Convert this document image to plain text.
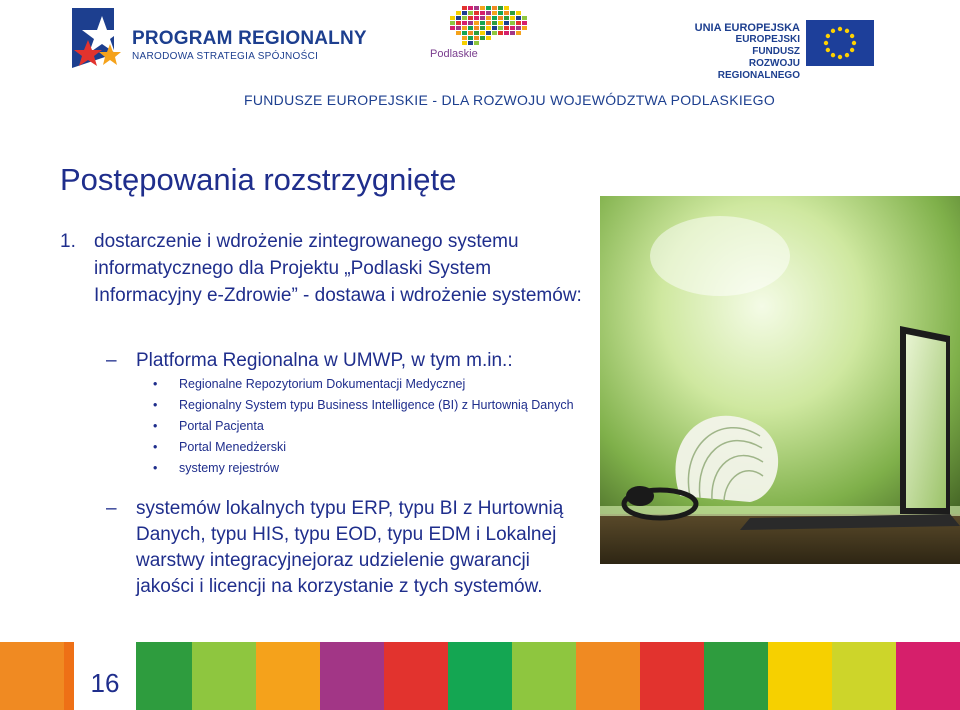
PROGRAM REGIONALNY
NARODOWA STRATEGIA SPÓJNOŚCI	Podlaskie
UNIA EUROPEJSKA
EUROPEJSKI FUNDUSZ
ROZWOJU REGIONALNEGO
FUNDUSZE EUROPEJSKIE - DLA ROZWOJU WOJEWÓDZTWA PODLASKIEGO
Postępowania rozstrzygnięte
1. dostarczenie i wdrożenie zintegrowanego systemu informatycznego dla Projektu „Podlaski System Informacyjny e-Zdrowie” - dostawa i wdrożenie systemów:
– Platforma Regionalna w UMWP, w tym m.in.:
•	Regionalne Repozytorium Dokumentacji Medycznej
•	Regionalny System typu Business Intelligence (BI) z Hurtownią Danych
•	Portal Pacjenta
•	Portal Menedżerski
•	systemy rejestrów
– systemów lokalnych typu ERP, typu BI z Hurtownią Danych, typu HIS, typu EOD, typu EDM i Lokalnej warstwy integracyjnejoraz udzielenie gwarancji jakości i licencji na korzystanie z tych systemów.
16
